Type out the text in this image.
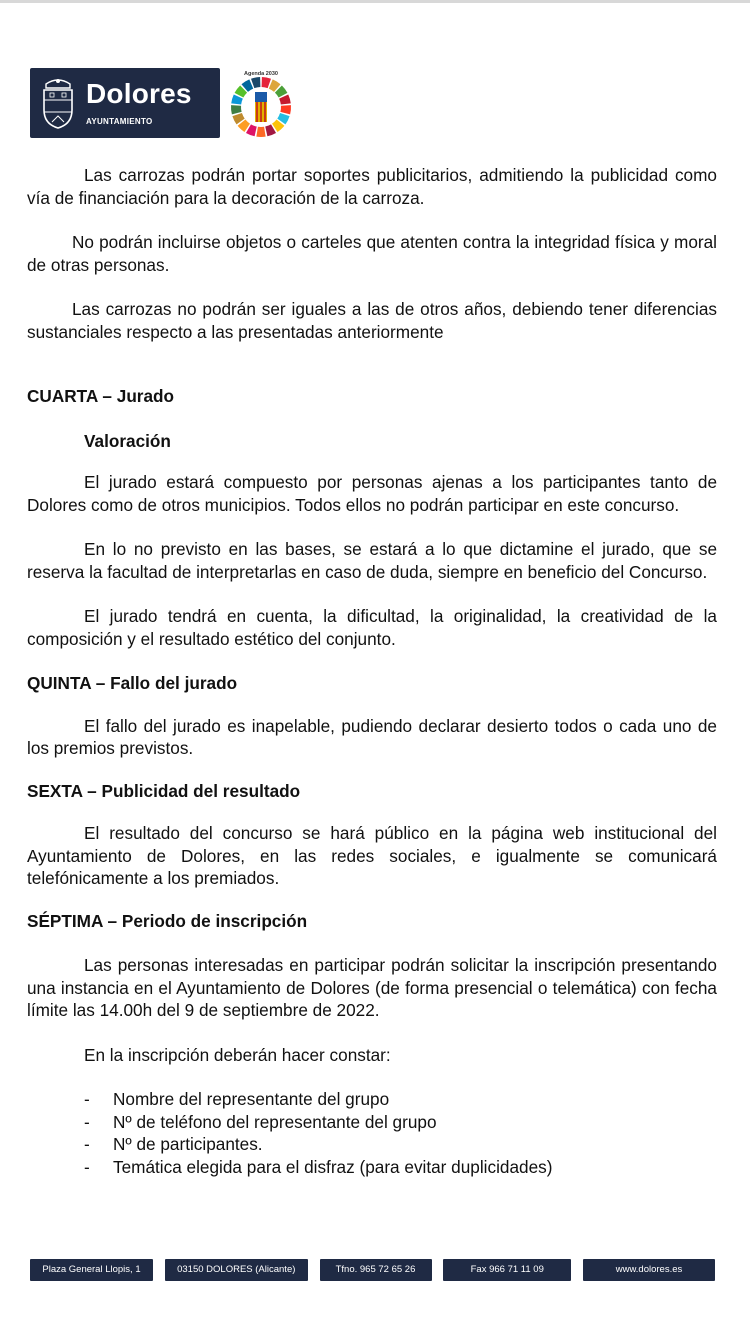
Dolores
AYUNTAMIENTO
Agenda 2030

Las carrozas podrán portar soportes publicitarios, admitiendo la publicidad como vía de financiación para la decoración de la carroza.

No podrán incluirse objetos o carteles que atenten contra la integridad física y moral de otras personas.

Las carrozas no podrán ser iguales a las de otros años, debiendo tener diferencias sustanciales respecto a las presentadas anteriormente

CUARTA – Jurado

Valoración

El jurado estará compuesto por personas ajenas a los participantes tanto de Dolores como de otros municipios. Todos ellos no podrán participar en este concurso.

En lo no previsto en las bases, se estará a lo que dictamine el jurado, que se reserva la facultad de interpretarlas en caso de duda, siempre en beneficio del Concurso.

El jurado tendrá en cuenta, la dificultad, la originalidad, la creatividad de la composición y el resultado estético del conjunto.

QUINTA – Fallo del jurado

El fallo del jurado es inapelable, pudiendo declarar desierto todos o cada uno de los premios previstos.

SEXTA – Publicidad del resultado

El resultado del concurso se hará público en la página web institucional del Ayuntamiento de Dolores, en las redes sociales, e igualmente se comunicará telefónicamente a los premiados.

SÉPTIMA – Periodo de inscripción

Las personas interesadas en participar podrán solicitar la inscripción presentando una instancia en el Ayuntamiento de Dolores (de forma presencial o telemática) con fecha límite las 14.00h del 9 de septiembre de 2022.

En la inscripción deberán hacer constar:

- Nombre del representante del grupo
- Nº de teléfono del representante del grupo
- Nº de participantes.
- Temática elegida para el disfraz (para evitar duplicidades)
Plaza General Llopis, 1	03150 DOLORES (Alicante)	Tfno. 965 72 65 26	Fax 966 71 11 09	www.dolores.es
